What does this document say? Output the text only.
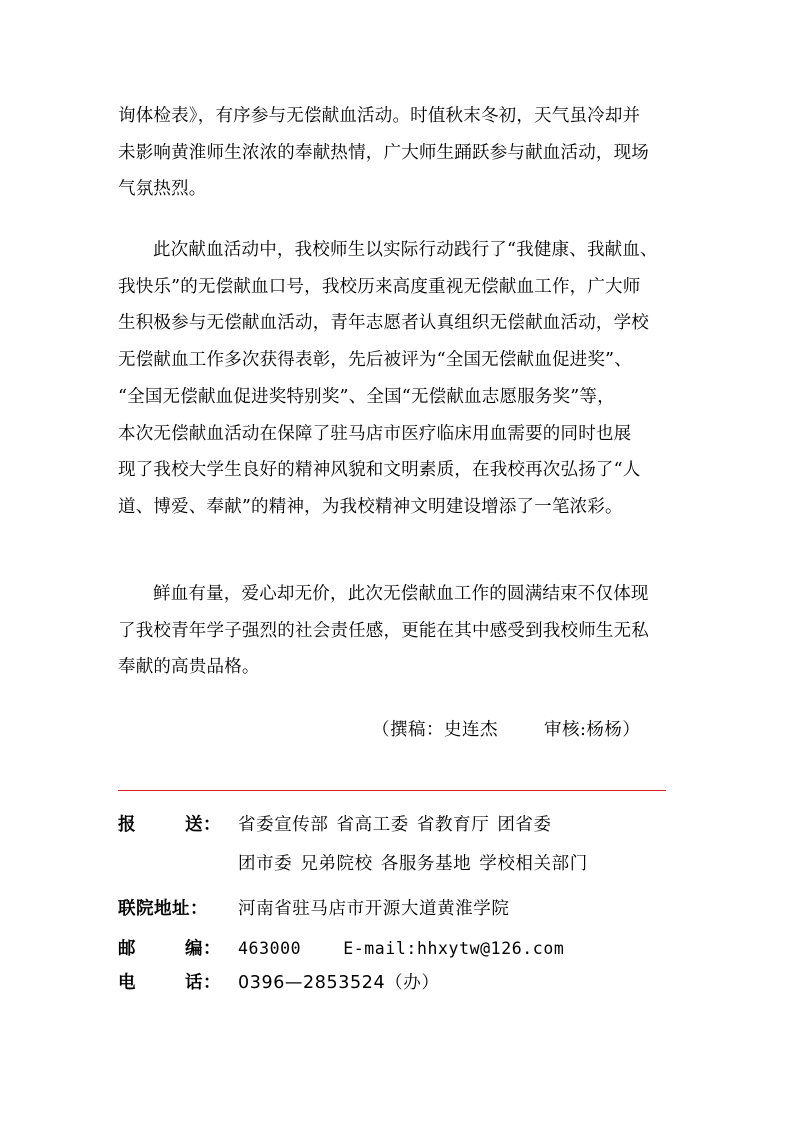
询体检表》，有序参与无偿献血活动。时值秋末冬初，天气虽冷却并
未影响黄淮师生浓浓的奉献热情，广大师生踊跃参与献血活动，现场
气氛热烈。
此次献血活动中，我校师生以实际行动践行了“我健康、我献血、
我快乐”的无偿献血口号，我校历来高度重视无偿献血工作，广大师
生积极参与无偿献血活动，青年志愿者认真组织无偿献血活动，学校
无偿献血工作多次获得表彰，先后被评为“全国无偿献血促进奖”、
“全国无偿献血促进奖特别奖”、全国“无偿献血志愿服务奖”等，
本次无偿献血活动在保障了驻马店市医疗临床用血需要的同时也展
现了我校大学生良好的精神风貌和文明素质，在我校再次弘扬了“人
道、博爱、奉献”的精神，为我校精神文明建设增添了一笔浓彩。
鲜血有量，爱心却无价，此次无偿献血工作的圆满结束不仅体现
了我校青年学子强烈的社会责任感，更能在其中感受到我校师生无私
奉献的高贵品格。
（撰稿：史连杰	审核:杨杨）
报	送： 省委宣传部 省高工委 省教育厅 团省委
团市委 兄弟院校 各服务基地 学校相关部门
联院地址：	河南省驻马店市开源大道黄淮学院
邮	编： 463000	E-mail:hhxytw@126.com
电	话： 0396—2853524（办）
